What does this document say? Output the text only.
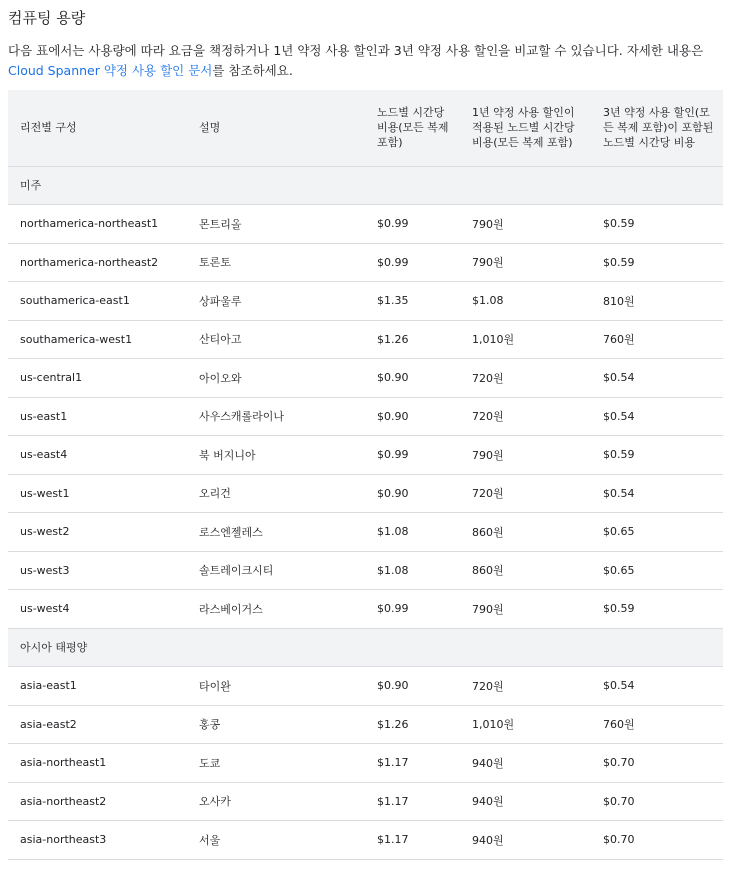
컴퓨팅 용량

다음 표에서는 사용량에 따라 요금을 책정하거나 1년 약정 사용 할인과 3년 약정 사용 할인을 비교할 수 있습니다. 자세한 내용은 Cloud Spanner 약정 사용 할인 문서를 참조하세요.

리전별 구성	설명	노드별 시간당 비용(모든 복제 포함)	1년 약정 사용 할인이 적용된 노드별 시간당 비용(모든 복제 포함)	3년 약정 사용 할인(모든 복제 포함)이 포함된 노드별 시간당 비용
미주				
northamerica-northeast1	몬트리올	$0.99	790원	$0.59
northamerica-northeast2	토론토	$0.99	790원	$0.59
southamerica-east1	상파울루	$1.35	$1.08	810원
southamerica-west1	산티아고	$1.26	1,010원	760원
us-central1	아이오와	$0.90	720원	$0.54
us-east1	사우스캐롤라이나	$0.90	720원	$0.54
us-east4	북 버지니아	$0.99	790원	$0.59
us-west1	오리건	$0.90	720원	$0.54
us-west2	로스엔젤레스	$1.08	860원	$0.65
us-west3	솔트레이크시티	$1.08	860원	$0.65
us-west4	라스베이거스	$0.99	790원	$0.59
아시아 태평양				
asia-east1	타이완	$0.90	720원	$0.54
asia-east2	홍콩	$1.26	1,010원	760원
asia-northeast1	도쿄	$1.17	940원	$0.70
asia-northeast2	오사카	$1.17	940원	$0.70
asia-northeast3	서울	$1.17	940원	$0.70
